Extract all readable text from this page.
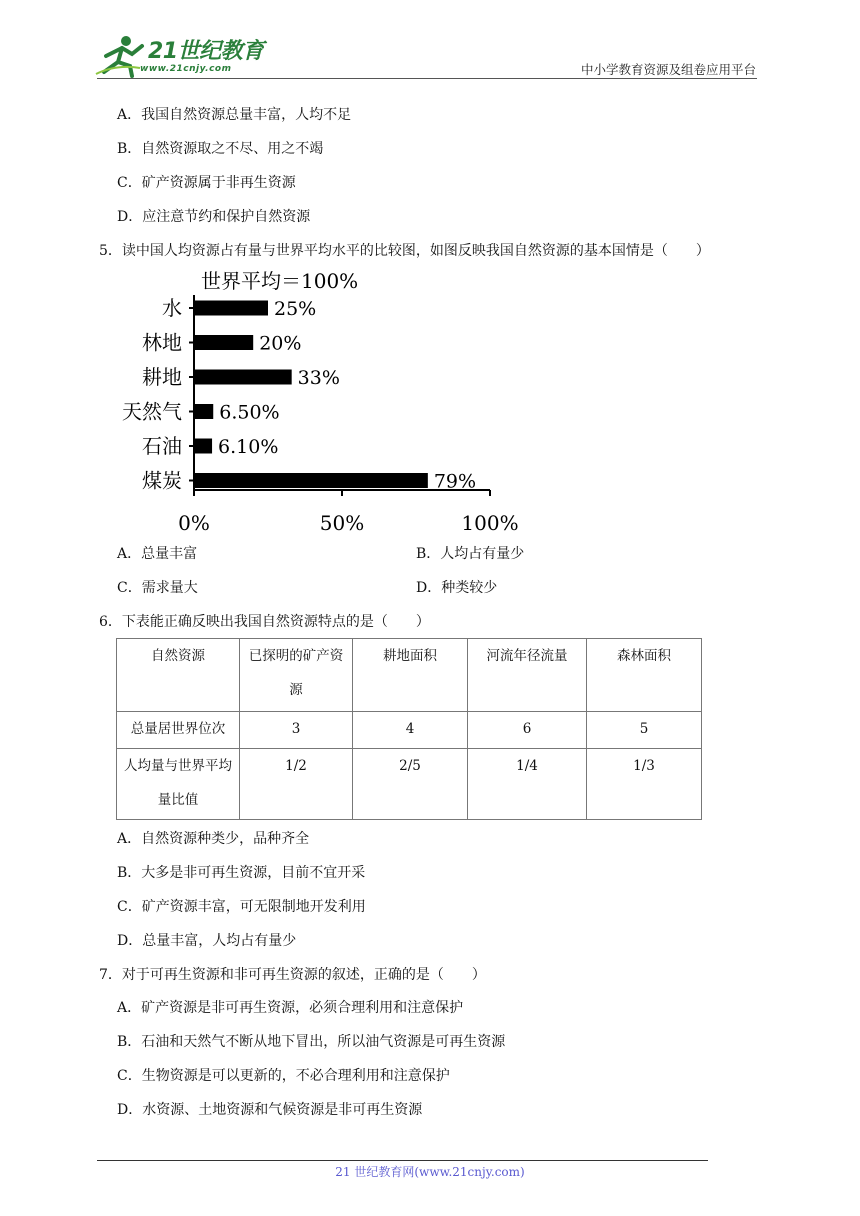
21世纪教育
www.21cnjy.com	中小学教育资源及组卷应用平台
A．我国自然资源总量丰富，人均不足
B．自然资源取之不尽、用之不竭
C．矿产资源属于非再生资源
D．应注意节约和保护自然资源
5．读中国人均资源占有量与世界平均水平的比较图，如图反映我国自然资源的基本国情是（　　）
世界平均＝100%
水	25%
林地	20%
耕地	33%
天然气 6.50%
石油 6.10%
煤炭	79%
0%	50%	100%
A．总量丰富	B．人均占有量少
C．需求量大	D．种类较少
6．下表能正确反映出我国自然资源特点的是（　　）
自然资源	已探明的矿产资源	耕地面积	河流年径流量	森林面积
总量居世界位次	3	4	6	5
人均量与世界平均量比值	1/2	2/5	1/4	1/3
A．自然资源种类少，品种齐全
B．大多是非可再生资源，目前不宜开采
C．矿产资源丰富，可无限制地开发利用
D．总量丰富，人均占有量少
7．对于可再生资源和非可再生资源的叙述，正确的是（　　）
A．矿产资源是非可再生资源，必须合理利用和注意保护
B．石油和天然气不断从地下冒出，所以油气资源是可再生资源
C．生物资源是可以更新的，不必合理利用和注意保护
D．水资源、土地资源和气候资源是非可再生资源
21 世纪教育网(www.21cnjy.com)
